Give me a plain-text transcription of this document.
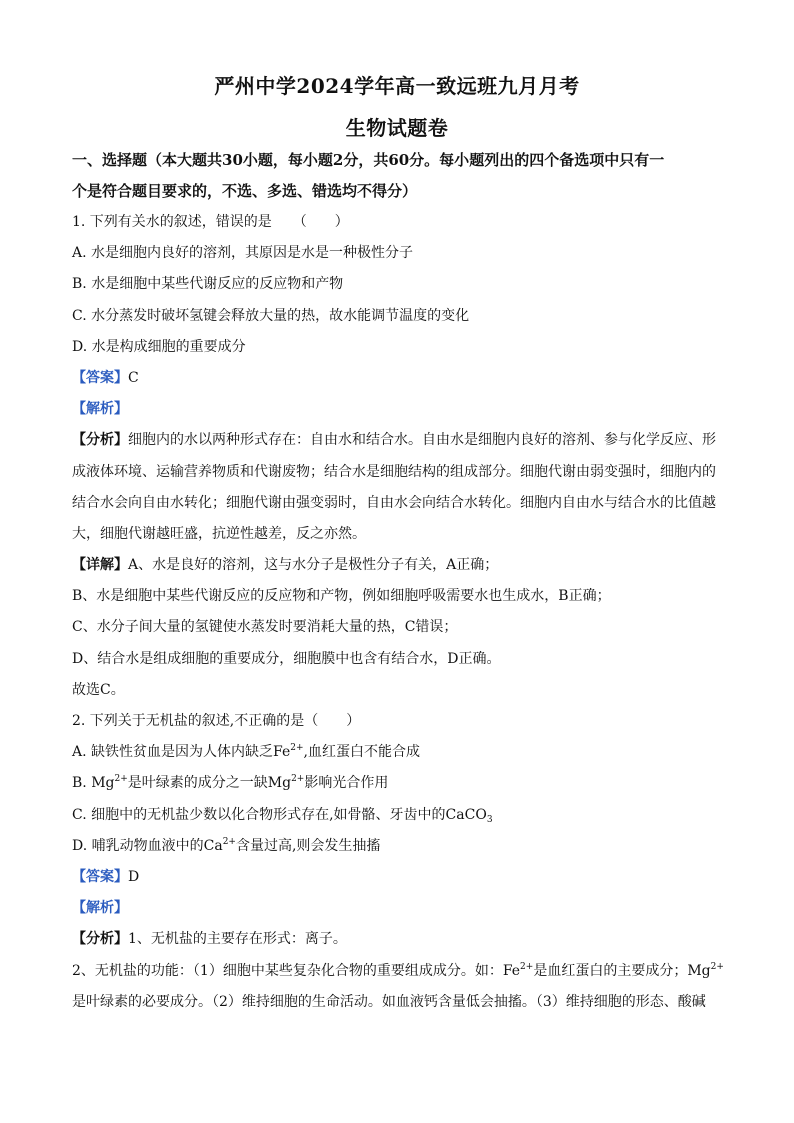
严州中学2024学年高一致远班九月月考
生物试题卷
一、选择题（本大题共30小题，每小题2分，共60分。每小题列出的四个备选项中只有一
个是符合题目要求的，不选、多选、错选均不得分）
1. 下列有关水的叙述，错误的是　　（　　）
A. 水是细胞内良好的溶剂，其原因是水是一种极性分子
B. 水是细胞中某些代谢反应的反应物和产物
C. 水分蒸发时破坏氢键会释放大量的热，故水能调节温度的变化
D. 水是构成细胞的重要成分
【答案】C
【解析】
【分析】细胞内的水以两种形式存在：自由水和结合水。自由水是细胞内良好的溶剂、参与化学反应、形
成液体环境、运输营养物质和代谢废物；结合水是细胞结构的组成部分。细胞代谢由弱变强时，细胞内的
结合水会向自由水转化；细胞代谢由强变弱时，自由水会向结合水转化。细胞内自由水与结合水的比值越
大，细胞代谢越旺盛，抗逆性越差，反之亦然。
【详解】A、水是良好的溶剂，这与水分子是极性分子有关，A正确；
B、水是细胞中某些代谢反应的反应物和产物，例如细胞呼吸需要水也生成水，B正确；
C、水分子间大量的氢键使水蒸发时要消耗大量的热，C错误；
D、结合水是组成细胞的重要成分，细胞膜中也含有结合水，D正确。
故选C。
2. 下列关于无机盐的叙述,不正确的是（　　）
A. 缺铁性贫血是因为人体内缺乏$Fe^{2+}$,血红蛋白不能合成
B. $Mg^{2+}$是叶绿素的成分之一缺$Mg^{2+}$影响光合作用
C. 细胞中的无机盐少数以化合物形式存在,如骨骼、牙齿中的CaCO$_3$
D. 哺乳动物血液中的$Ca^{2+}$含量过高,则会发生抽搐
【答案】D
【解析】
【分析】1、无机盐的主要存在形式：离子。
2、无机盐的功能：（1）细胞中某些复杂化合物的重要组成成分。如：$Fe^{2+}$是血红蛋白的主要成分；$Mg^{2+}$
是叶绿素的必要成分。（2）维持细胞的生命活动。如血液钙含量低会抽搐。（3）维持细胞的形态、酸碱
